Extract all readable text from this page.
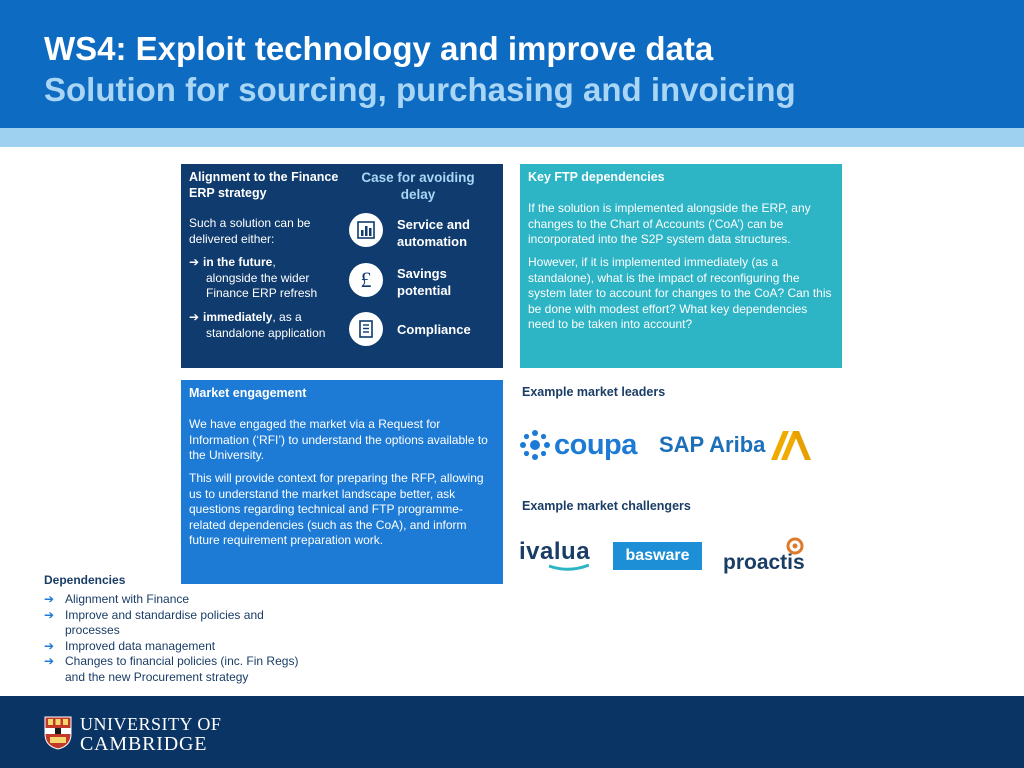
WS4: Exploit technology and improve data
Solution for sourcing, purchasing and invoicing
Alignment to the Finance ERP strategy
Such a solution can be delivered either:
➔ in the future,
alongside the wider
Finance ERP refresh
➔ immediately, as a
standalone application
Case for avoiding delay
Service and
automation
£	Savings
potential
Compliance
Key FTP dependencies
If the solution is implemented alongside the ERP, any changes to the Chart of Accounts (‘CoA’) can be incorporated into the S2P system data structures.
However, if it is implemented immediately (as a standalone), what is the impact of reconfiguring the system later to account for changes to the CoA? Can this be done with modest effort? What key dependencies need to be taken into account?
Market engagement
We have engaged the market via a Request for Information (‘RFI’) to understand the options available to the University.
This will provide context for preparing the RFP, allowing us to understand the market landscape better, ask questions regarding technical and FTP programme-related dependencies (such as the CoA), and inform future requirement preparation work.
Example market leaders
coupa SAP Ariba
Example market challengers
ivalua basware proactis
Dependencies
➔ Alignment with Finance
➔ Improve and standardise policies and
processes
➔ Improved data management
➔ Changes to financial policies (inc. Fin Regs)
and the new Procurement strategy
UNIVERSITY OF
CAMBRIDGE
